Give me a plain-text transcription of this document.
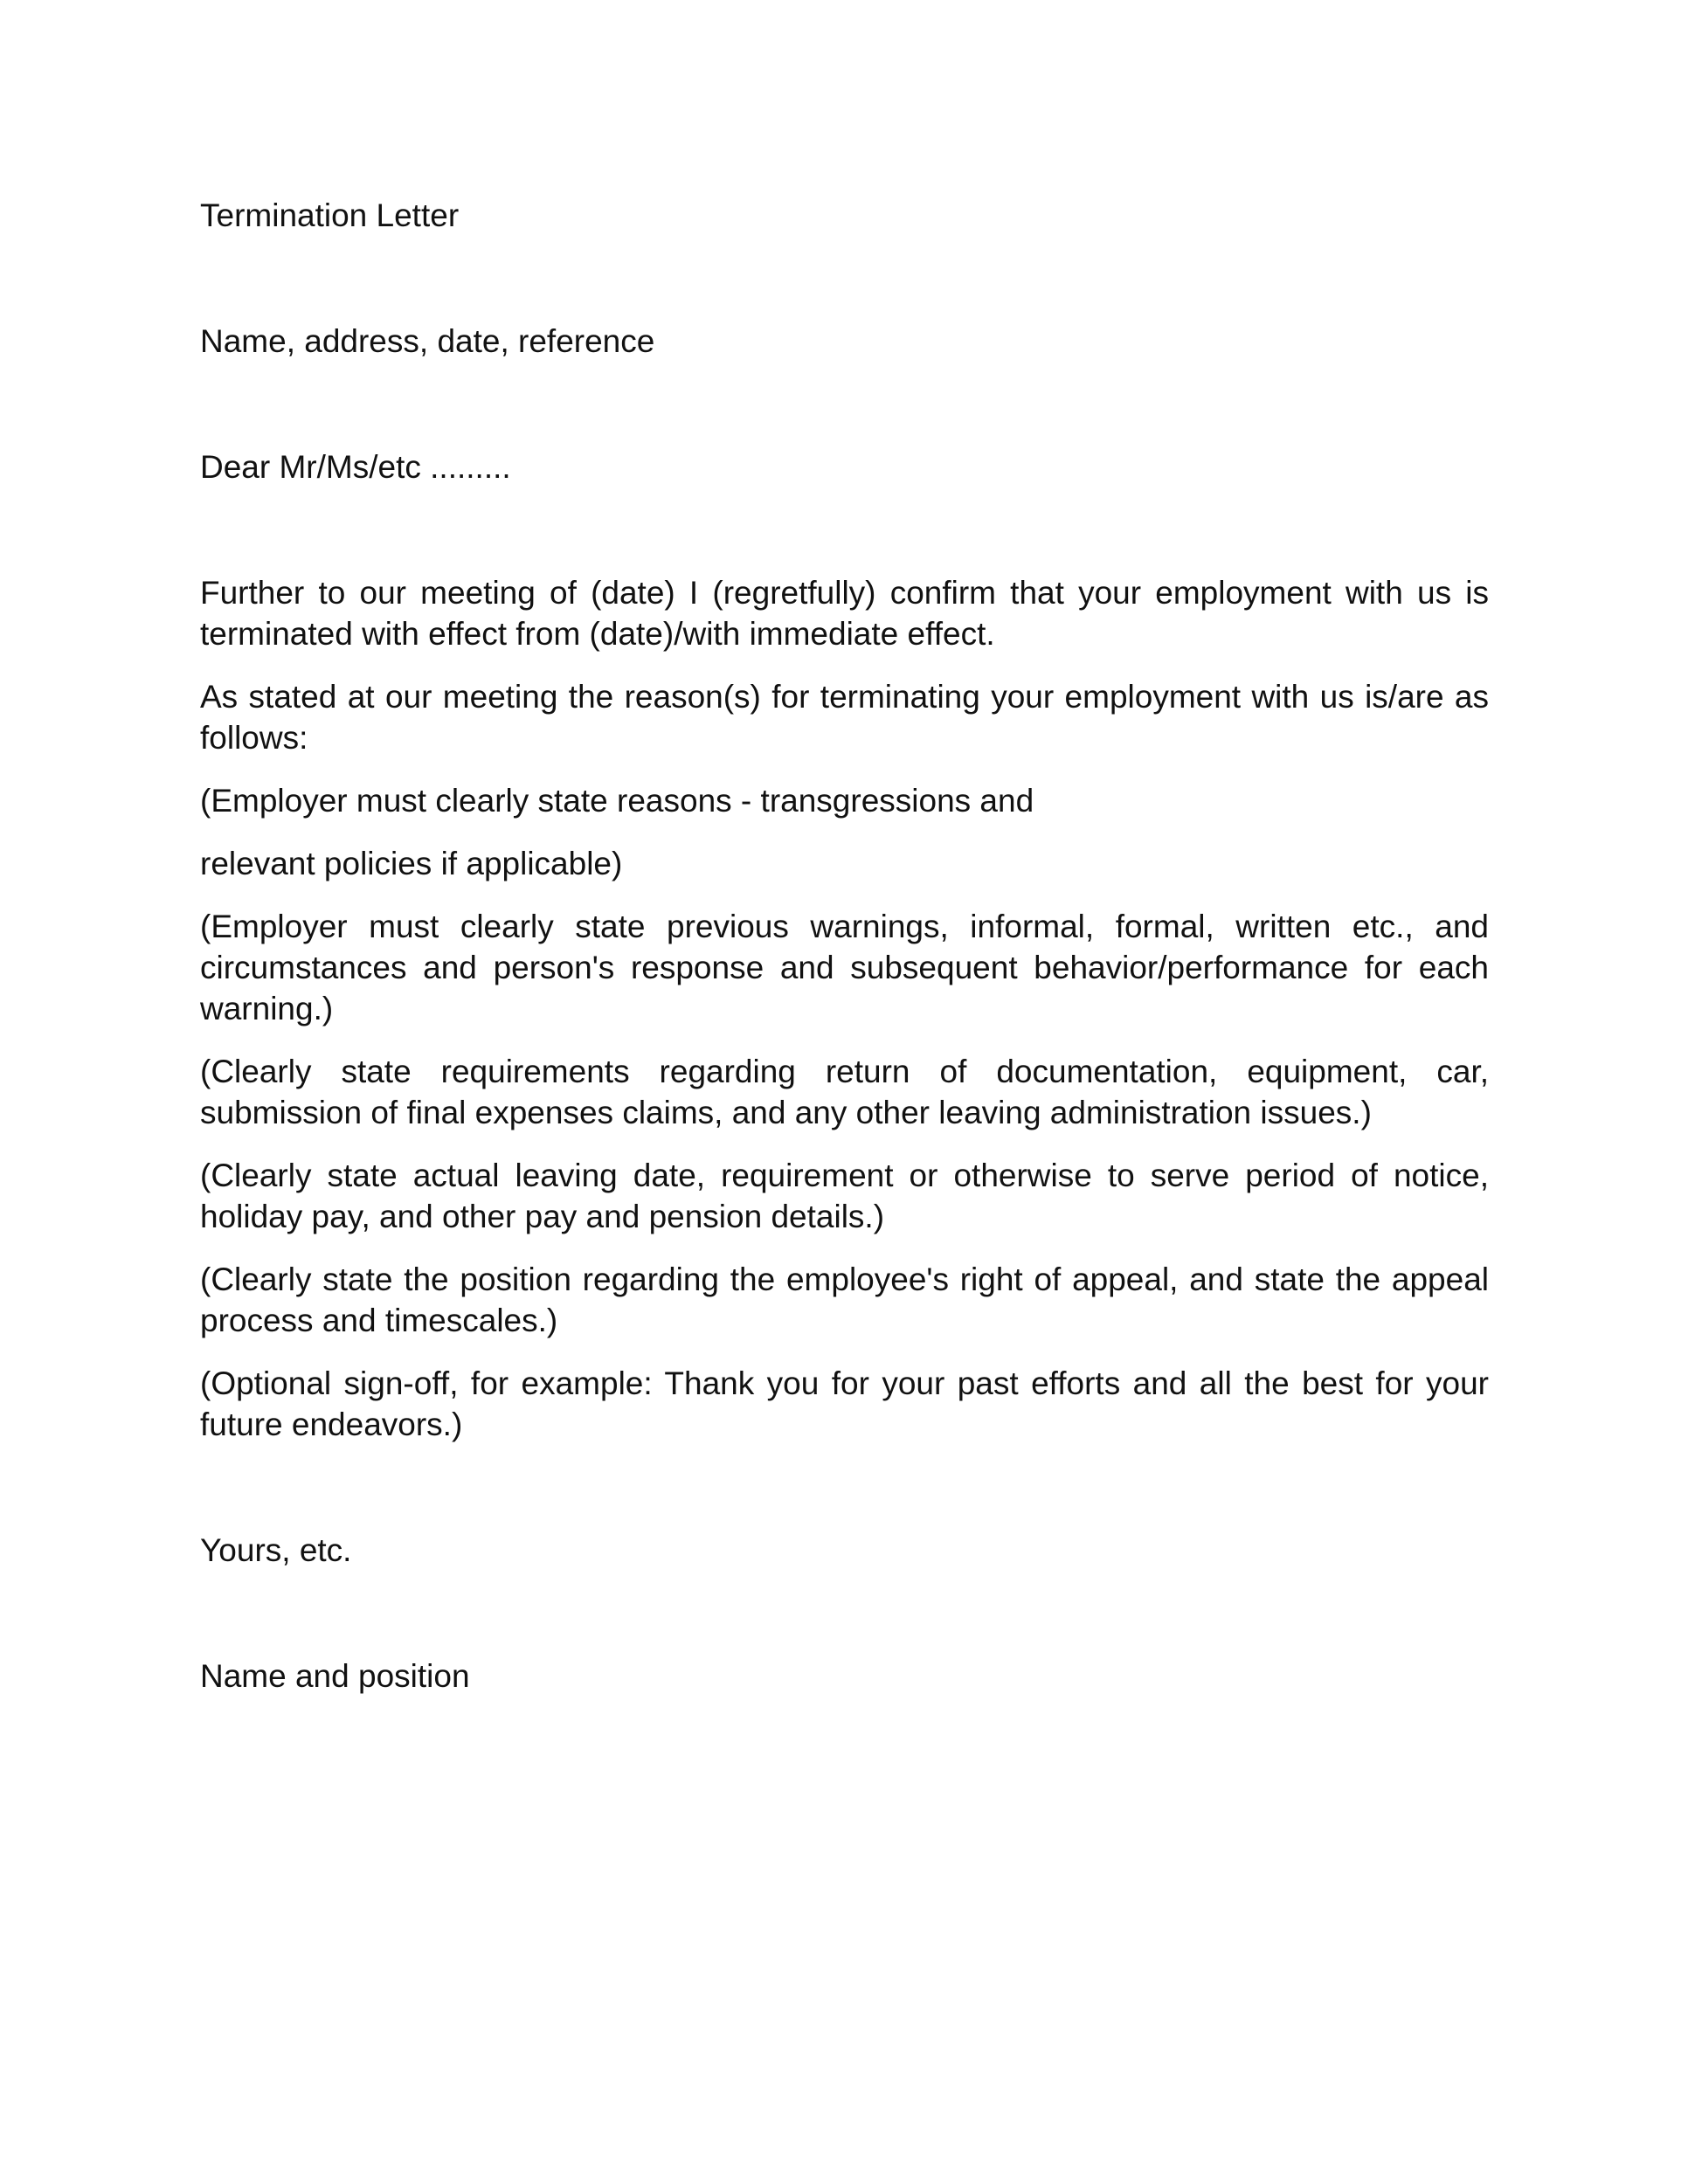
Termination Letter

Name, address, date, reference

Dear Mr/Ms/etc .........

Further to our meeting of (date) I (regretfully) confirm that your employment with us is terminated with effect from (date)/with immediate effect.

As stated at our meeting the reason(s) for terminating your employment with us is/are as follows:

(Employer must clearly state reasons - transgressions and

relevant policies if applicable)

(Employer must clearly state previous warnings, informal, formal, written etc., and circumstances and person's response and subsequent behavior/performance for each warning.)

(Clearly state requirements regarding return of documentation, equipment, car, submission of final expenses claims, and any other leaving administration issues.)

(Clearly state actual leaving date, requirement or otherwise to serve period of notice, holiday pay, and other pay and pension details.)

(Clearly state the position regarding the employee's right of appeal, and state the appeal process and timescales.)

(Optional sign-off, for example: Thank you for your past efforts and all the best for your future endeavors.)

Yours, etc.

Name and position
